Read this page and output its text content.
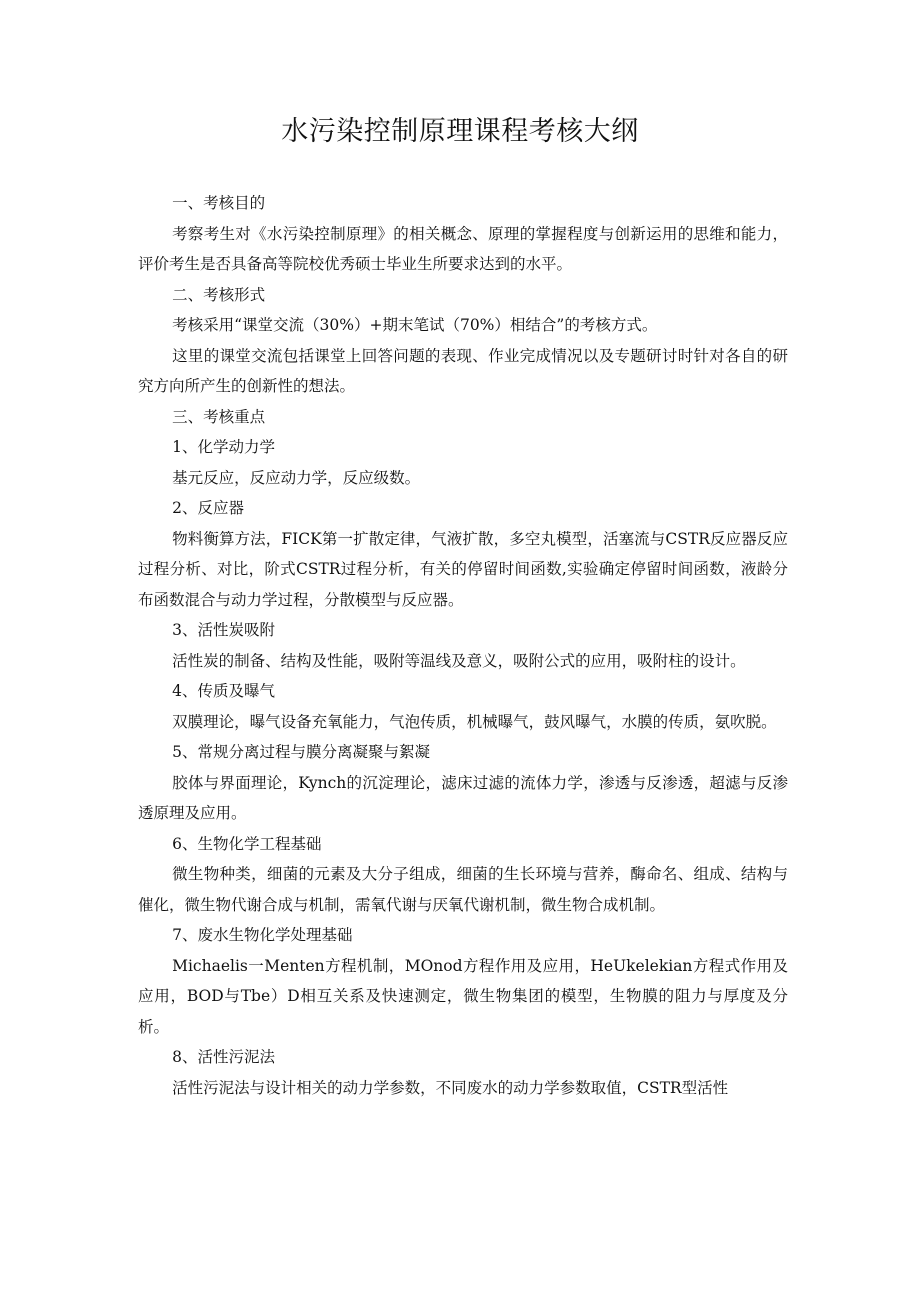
水污染控制原理课程考核大纲

一、考核目的

考察考生对《水污染控制原理》的相关概念、原理的掌握程度与创新运用的思维和能力，评价考生是否具备高等院校优秀硕士毕业生所要求达到的水平。

二、考核形式

考核采用“课堂交流（30%）+期末笔试（70%）相结合”的考核方式。

这里的课堂交流包括课堂上回答问题的表现、作业完成情况以及专题研讨时针对各自的研究方向所产生的创新性的想法。

三、考核重点

1、化学动力学

基元反应，反应动力学，反应级数。

2、反应器

物料衡算方法，FICK第一扩散定律，气液扩散，多空丸模型，活塞流与CSTR反应器反应过程分析、对比，阶式CSTR过程分析，有关的停留时间函数,实验确定停留时间函数，液龄分布函数混合与动力学过程，分散模型与反应器。

3、活性炭吸附

活性炭的制备、结构及性能，吸附等温线及意义，吸附公式的应用，吸附柱的设计。

4、传质及曝气

双膜理论，曝气设备充氧能力，气泡传质，机械曝气，鼓风曝气，水膜的传质，氨吹脱。

5、常规分离过程与膜分离凝聚与絮凝

胶体与界面理论，Kynch的沉淀理论，滤床过滤的流体力学，渗透与反渗透，超滤与反渗透原理及应用。

6、生物化学工程基础

微生物种类，细菌的元素及大分子组成，细菌的生长环境与营养，酶命名、组成、结构与催化，微生物代谢合成与机制，需氧代谢与厌氧代谢机制，微生物合成机制。

7、废水生物化学处理基础

Michaelis一Menten方程机制，MOnod方程作用及应用，HeUkelekian方程式作用及应用，BOD与Tbe）D相互关系及快速测定，微生物集团的模型，生物膜的阻力与厚度及分析。

8、活性污泥法

活性污泥法与设计相关的动力学参数，不同废水的动力学参数取值，CSTR型活性
